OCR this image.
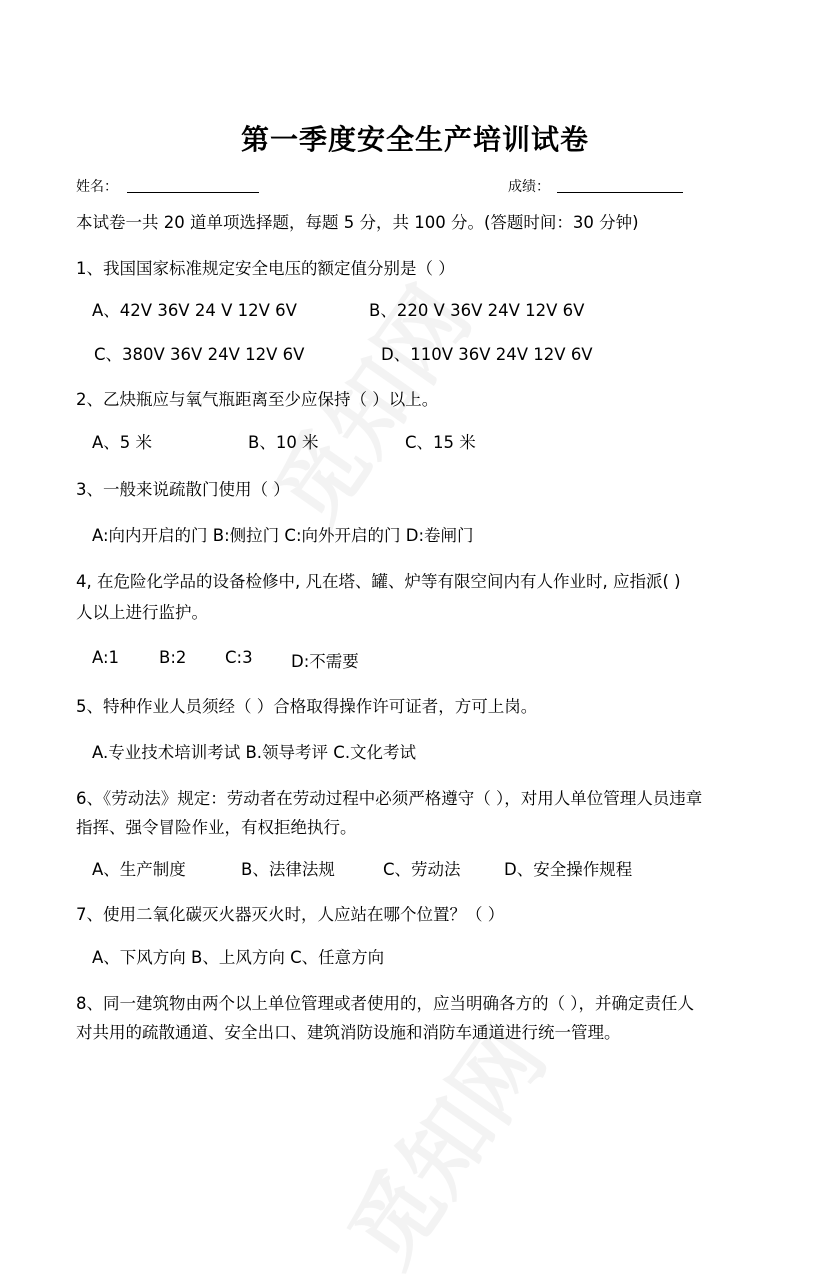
第一季度安全生产培训试卷
姓名：	成绩：
本试卷一共 20 道单项选择题，每题 5 分，共 100 分。(答题时间：30 分钟)
1、我国国家标准规定安全电压的额定值分别是（ ）
A、42V 36V 24 V 12V 6V	B、220 V 36V 24V 12V 6V
C、380V 36V 24V 12V 6V	D、110V 36V 24V 12V 6V
2、乙炔瓶应与氧气瓶距离至少应保持（ ）以上。
A、5 米	B、10 米	C、15 米
3、一般来说疏散门使用（ ）
A:向内开启的门 B:侧拉门 C:向外开启的门 D:卷闸门
4, 在危险化学品的设备检修中, 凡在塔、罐、炉等有限空间内有人作业时, 应指派( )
人以上进行监护。
A:1 B:2 C:3 D:不需要
5、特种作业人员须经（ ）合格取得操作许可证者，方可上岗。
A.专业技术培训考试 B.领导考评 C.文化考试
6、《劳动法》规定：劳动者在劳动过程中必须严格遵守（ ），对用人单位管理人员违章
指挥、强令冒险作业，有权拒绝执行。
A、生产制度	B、法律法规	C、劳动法	D、安全操作规程
7、使用二氧化碳灭火器灭火时，人应站在哪个位置？（ ）
A、下风方向 B、上风方向 C、任意方向
8、同一建筑物由两个以上单位管理或者使用的，应当明确各方的（ ），并确定责任人
对共用的疏散通道、安全出口、建筑消防设施和消防车通道进行统一管理。
